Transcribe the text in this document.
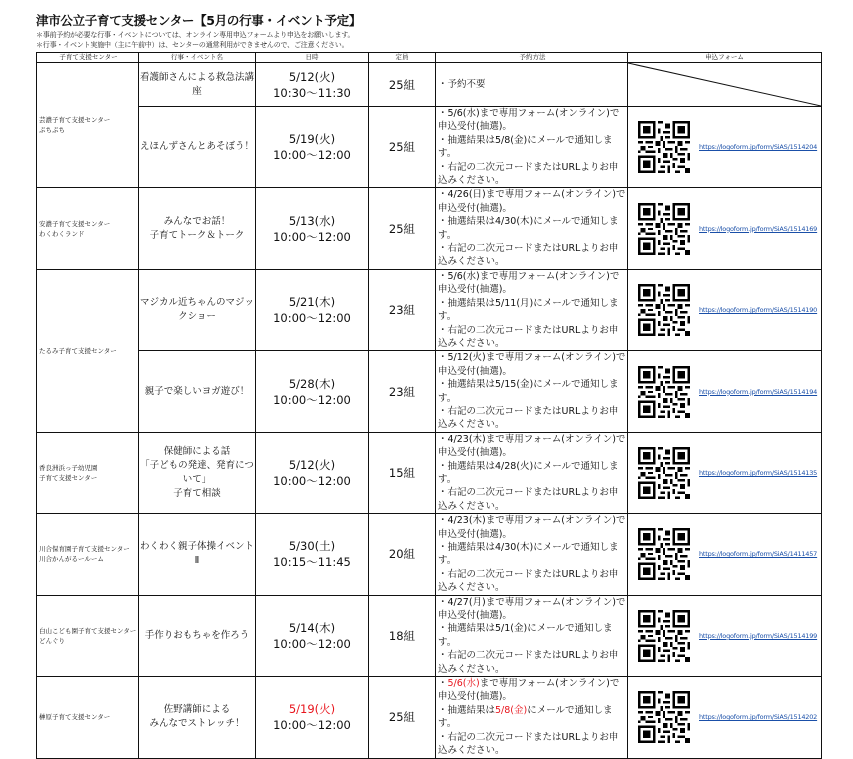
津市公立子育て支援センター【5月の行事・イベント予定】
＊事前予約が必要な行事・イベントについては、オンライン専用申込フォームより申込をお願いします。
＊行事・イベント実施中（主に午前中）は、センターの通常利用ができませんので、ご注意ください。
子育て支援センター	行事・イベント名	日時	定員	予約方法	申込フォーム

芸濃子育て支援センター
ぷちぷち	看護師さんによる救急法講座	5/12(火)
10:30～11:30	25組	・予約不要	

	えほんずさんとあそぼう！	5/19(火)
10:00～12:00	25組	・5/6(水)まで専用フォーム(オンライン)で申込受付(抽選)。
・抽選結果は5/8(金)にメールで通知します。
・右記の二次元コードまたはURLよりお申込みください。	https://logoform.jp/form/SiAS/1514204

安濃子育て支援センター
わくわくランド	みんなでお話！
子育てトーク＆トーク	5/13(水)
10:00～12:00	25組	・4/26(日)まで専用フォーム(オンライン)で申込受付(抽選)。
・抽選結果は4/30(木)にメールで通知します。
・右記の二次元コードまたはURLよりお申込みください。	https://logoform.jp/form/SiAS/1514169

たるみ子育て支援センター	マジカル近ちゃんのマジックショー	5/21(木)
10:00～12:00	23組	・5/6(水)まで専用フォーム(オンライン)で申込受付(抽選)。
・抽選結果は5/11(月)にメールで通知します。
・右記の二次元コードまたはURLよりお申込みください。	https://logoform.jp/form/SiAS/1514190

	親子で楽しいヨガ遊び！	5/28(木)
10:00～12:00	23組	・5/12(火)まで専用フォーム(オンライン)で申込受付(抽選)。
・抽選結果は5/15(金)にメールで通知します。
・右記の二次元コードまたはURLよりお申込みください。	https://logoform.jp/form/SiAS/1514194

香良洲浜っ子幼児園
子育て支援センター	保健師による話
「子どもの発達、発育について」
子育て相談	5/12(火)
10:00～12:00	15組	・4/23(木)まで専用フォーム(オンライン)で申込受付(抽選)。
・抽選結果は4/28(火)にメールで通知します。
・右記の二次元コードまたはURLよりお申込みください。	https://logoform.jp/form/SiAS/1514135

川合保育園子育て支援センター
川合かんがるールーム	わくわく親子体操イベントⅡ	5/30(土)
10:15～11:45	20組	・4/23(木)まで専用フォーム(オンライン)で申込受付(抽選)。
・抽選結果は4/30(木)にメールで通知します。
・右記の二次元コードまたはURLよりお申込みください。	https://logoform.jp/form/SiAS/1411457

白山こども園子育て支援センター
どんぐり	手作りおもちゃを作ろう	5/14(木)
10:00～12:00	18組	・4/27(月)まで専用フォーム(オンライン)で申込受付(抽選)。
・抽選結果は5/1(金)にメールで通知します。
・右記の二次元コードまたはURLよりお申込みください。	https://logoform.jp/form/SiAS/1514199

榊原子育て支援センター	佐野講師による
みんなでストレッチ！	5/19(火)
10:00～12:00	25組	・5/6(水)まで専用フォーム(オンライン)で申込受付(抽選)。
・抽選結果は5/8(金)にメールで通知します。
・右記の二次元コードまたはURLよりお申込みください。	https://logoform.jp/form/SiAS/1514202
